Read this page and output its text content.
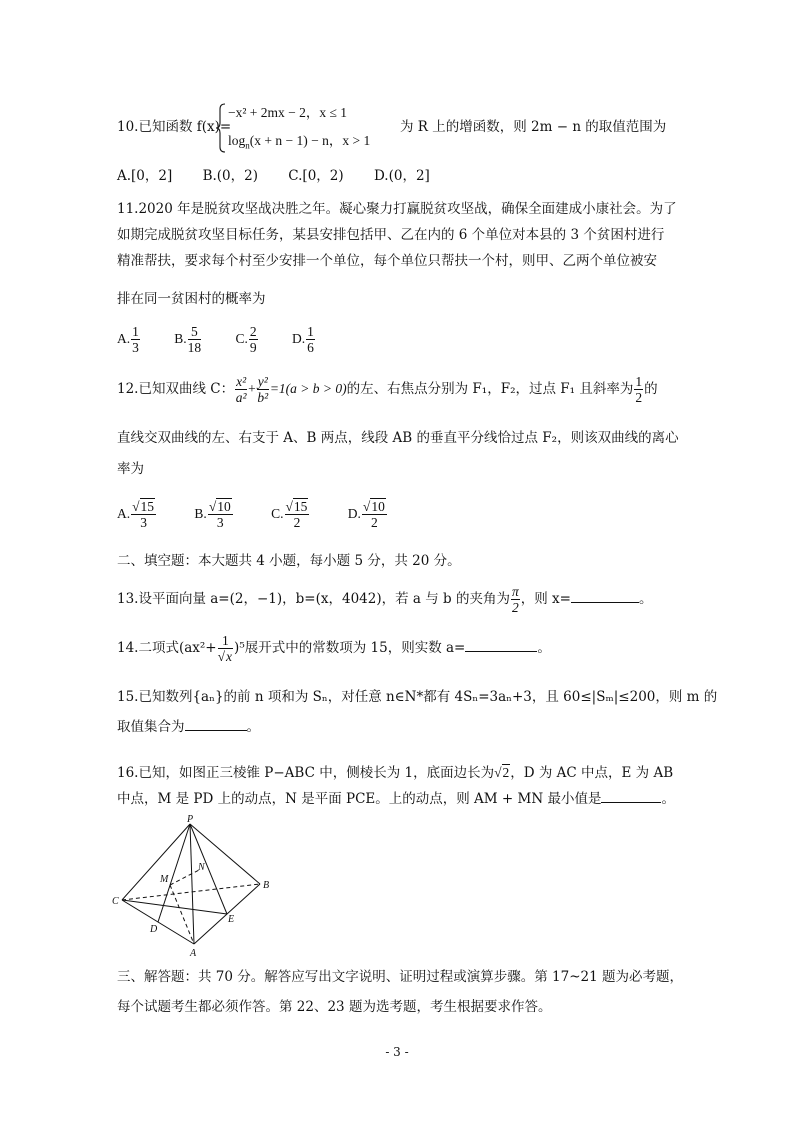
10.已知函数 f(x)=
−x² + 2mx − 2，x ≤ 1
$\log_n(x + n - 1) - n$，x > 1
为 R 上的增函数，则 2m − n 的取值范围为
A.[0，2] B.(0，2) C.[0，2) D.(0，2]
11.2020 年是脱贫攻坚战决胜之年。凝心聚力打赢脱贫攻坚战，确保全面建成小康社会。为了
如期完成脱贫攻坚目标任务，某县安排包括甲、乙在内的 6 个单位对本县的 3 个贫困村进行
精准帮扶，要求每个村至少安排一个单位，每个单位只帮扶一个村，则甲、乙两个单位被安
排在同一贫困村的概率为
A. $\frac{1}{3}$	B. $\frac{5}{18}$	C. $\frac{2}{9}$	D. $\frac{1}{6}$
12.已知双曲线 C： $\frac{\text{x²}}{\text{a²}} + \frac{\text{y²}}{\text{b²}} =1(a > b > 0)$的左、右焦点分别为 F₁，F₂，过点 F₁ 且斜率为 $\frac{1}{2}$ 的
直线交双曲线的左、右支于 A、B 两点，线段 AB 的垂直平分线恰过点 F₂，则该双曲线的离心
率为
A. $\frac{√15}{3}$	B. $\frac{√10}{3}$	C. $\frac{√15}{2}$	D. $\frac{√10}{2}$
二、填空题：本大题共 4 小题，每小题 5 分，共 20 分。
13.设平面向量 a=(2，−1)，b=(x，4042)，若 a 与 b 的夹角为 $\frac{\pi}{2}$ ，则 x=	。
14.二项式$(ax^2+ \frac{1}{√x} )^5$展开式中的常数项为 15，则实数 a=	。
15.已知数列{aₙ}的前 n 项和为 Sₙ，对任意 n∈N*都有 4Sₙ=3aₙ+3，且 60≤|Sₘ|≤200，则 m 的
取值集合为	。
16.已知，如图正三棱锥 P−ABC 中，侧棱长为 1，底面边长为√2，D 为 AC 中点，E 为 AB
中点，M 是 PD 上的动点，N 是平面 PCE。上的动点，则 AM + MN 最小值是	。
P
N
M
B
C
E
D
A
三、解答题：共 70 分。解答应写出文字说明、证明过程或演算步骤。第 17~21 题为必考题，
每个试题考生都必须作答。第 22、23 题为选考题，考生根据要求作答。
- 3 -
